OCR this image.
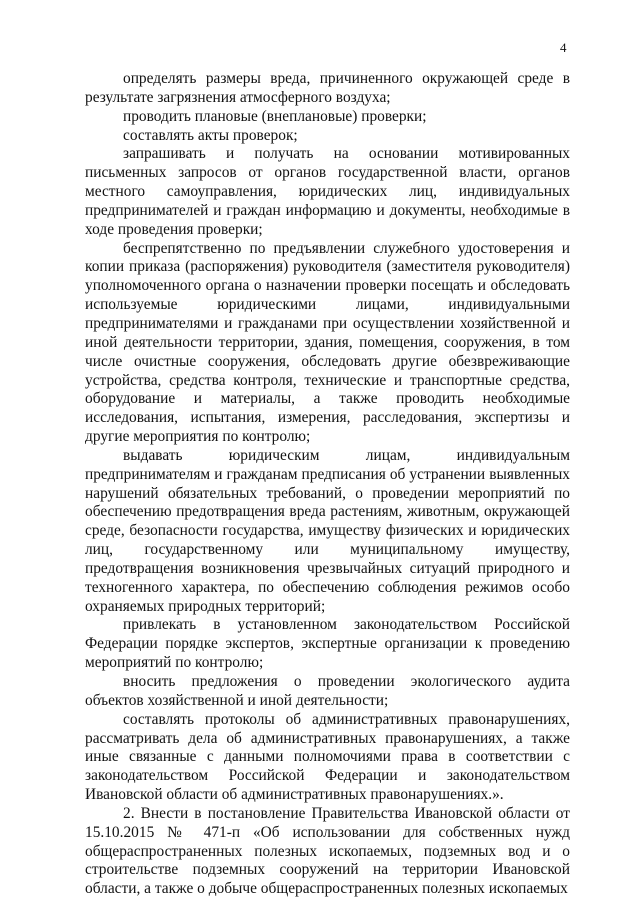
4

определять размеры вреда, причиненного окружающей среде в результате загрязнения атмосферного воздуха;

проводить плановые (внеплановые) проверки;

составлять акты проверок;

запрашивать и получать на основании мотивированных письменных запросов от органов государственной власти, органов местного самоуправления, юридических лиц, индивидуальных предпринимателей и граждан информацию и документы, необходимые в ходе проведения проверки;

беспрепятственно по предъявлении служебного удостоверения и копии приказа (распоряжения) руководителя (заместителя руководителя) уполномоченного органа о назначении проверки посещать и обследовать используемые юридическими лицами, индивидуальными предпринимателями и гражданами при осуществлении хозяйственной и иной деятельности территории, здания, помещения, сооружения, в том числе очистные сооружения, обследовать другие обезвреживающие устройства, средства контроля, технические и транспортные средства, оборудование и материалы, а также проводить необходимые исследования, испытания, измерения, расследования, экспертизы и другие мероприятия по контролю;

выдавать юридическим лицам, индивидуальным предпринимателям и гражданам предписания об устранении выявленных нарушений обязательных требований, о проведении мероприятий по обеспечению предотвращения вреда растениям, животным, окружающей среде, безопасности государства, имуществу физических и юридических лиц, государственному или муниципальному имуществу, предотвращения возникновения чрезвычайных ситуаций природного и техногенного характера, по обеспечению соблюдения режимов особо охраняемых природных территорий;

привлекать в установленном законодательством Российской Федерации порядке экспертов, экспертные организации к проведению мероприятий по контролю;

вносить предложения о проведении экологического аудита объектов хозяйственной и иной деятельности;

составлять протоколы об административных правонарушениях, рассматривать дела об административных правонарушениях, а также иные связанные с данными полномочиями права в соответствии с законодательством Российской Федерации и законодательством Ивановской области об административных правонарушениях.».

2. Внести в постановление Правительства Ивановской области от 15.10.2015 № 471-п «Об использовании для собственных нужд общераспространенных полезных ископаемых, подземных вод и о строительстве подземных сооружений на территории Ивановской области, а также о добыче общераспространенных полезных ископаемых
